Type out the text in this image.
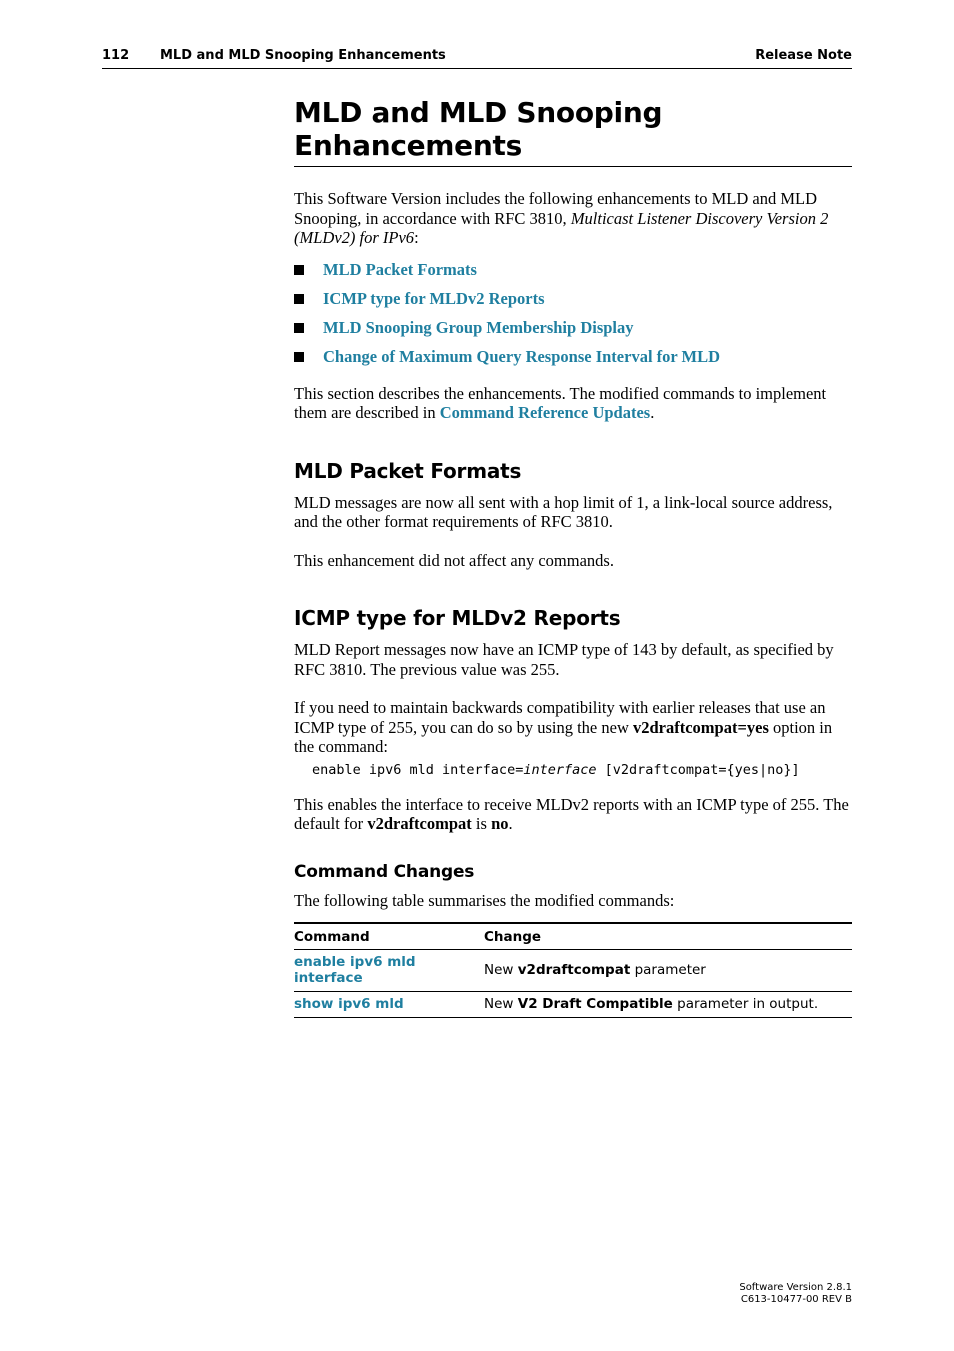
112 MLD and MLD Snooping Enhancements	Release Note
MLD and MLD Snooping Enhancements

This Software Version includes the following enhancements to MLD and MLD Snooping, in accordance with RFC 3810, Multicast Listener Discovery Version 2 (MLDv2) for IPv6:

MLD Packet Formats
ICMP type for MLDv2 Reports
MLD Snooping Group Membership Display
Change of Maximum Query Response Interval for MLD

This section describes the enhancements. The modified commands to implement them are described in Command Reference Updates.

MLD Packet Formats

MLD messages are now all sent with a hop limit of 1, a link-local source address, and the other format requirements of RFC 3810.

This enhancement did not affect any commands.

ICMP type for MLDv2 Reports

MLD Report messages now have an ICMP type of 143 by default, as specified by RFC 3810. The previous value was 255.

If you need to maintain backwards compatibility with earlier releases that use an ICMP type of 255, you can do so by using the new v2draftcompat=yes option in the command:

enable ipv6 mld interface=interface [v2draftcompat={yes|no}]

This enables the interface to receive MLDv2 reports with an ICMP type of 255. The default for v2draftcompat is no.

Command Changes

The following table summarises the modified commands:

Command	Change
enable ipv6 mld interface	New v2draftcompat parameter
show ipv6 mld	New V2 Draft Compatible parameter in output.
Software Version 2.8.1
C613-10477-00 REV B
